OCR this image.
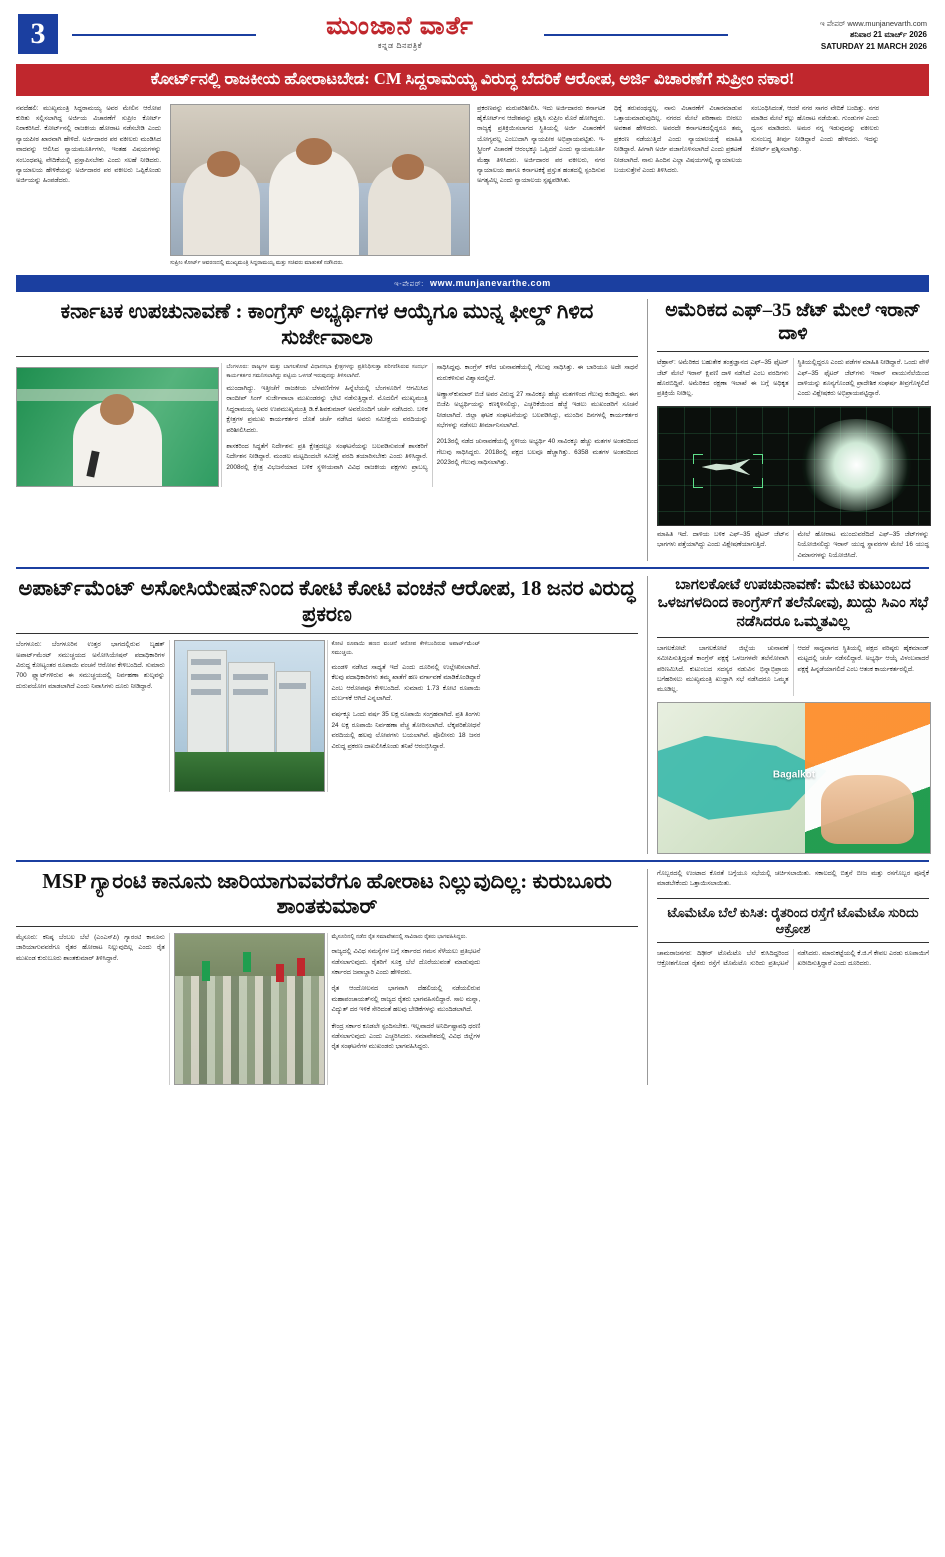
3	ಮುಂಜಾನೆ ವಾರ್ತೆ
ಕನ್ನಡ ದಿನಪತ್ರಿಕೆ
ಇ ಪೇಪರ್ www.munjanevarth.com
ಶನಿವಾರ 21 ಮಾರ್ಚ್ 2026
SATURDAY 21 MARCH 2026
ಕೋರ್ಟ್‌ನಲ್ಲಿ ರಾಜಕೀಯ ಹೋರಾಟಬೇಡ: CM ಸಿದ್ದರಾಮಯ್ಯ ವಿರುದ್ಧ ಬೆದರಿಕೆ ಆರೋಪ, ಅರ್ಜಿ ವಿಚಾರಣೆಗೆ ಸುಪ್ರೀಂ ನಕಾರ!
ನವದೆಹಲಿ: ಮುಖ್ಯಮಂತ್ರಿ ಸಿದ್ದರಾಮಯ್ಯ ಅವರ ಮೇಲಿನ ಆರೋಪ ಕುರಿತು ಸಲ್ಲಿಸಲಾಗಿದ್ದ ಅರ್ಜಿಯ ವಿಚಾರಣೆಗೆ ಸುಪ್ರೀಂ ಕೋರ್ಟ್ ನಿರಾಕರಿಸಿದೆ. ಕೋರ್ಟ್‌ನಲ್ಲಿ ರಾಜಕೀಯ ಹೋರಾಟ ನಡೆಸಬೇಡಿ ಎಂದು ನ್ಯಾಯಪೀಠ ಖಾರವಾಗಿ ಹೇಳಿದೆ. ಅರ್ಜಿದಾರರ ಪರ ವಕೀಲರು ಮಂಡಿಸಿದ ವಾದವನ್ನು ಆಲಿಸಿದ ನ್ಯಾಯಮೂರ್ತಿಗಳು, ಇಂತಹ ವಿಷಯಗಳನ್ನು ಸಂಬಂಧಪಟ್ಟ ವೇದಿಕೆಯಲ್ಲಿ ಪ್ರಸ್ತಾಪಿಸಬೇಕು ಎಂದು ಸಲಹೆ ನೀಡಿದರು. ನ್ಯಾಯಾಲಯ ಹೇಳಿಕೆಯನ್ನು ಅರ್ಜಿದಾರರ ಪರ ವಕೀಲರು ಒಪ್ಪಿಕೊಂಡು ಅರ್ಜಿಯನ್ನು ಹಿಂಪಡೆದರು.
ಸುಪ್ರೀಂ ಕೋರ್ಟ್ ಆವರಣದಲ್ಲಿ ಮುಖ್ಯಮಂತ್ರಿ ಸಿದ್ದರಾಮಯ್ಯ ಮತ್ತು ಸಚಿವರು ಮಾತುಕತೆ ನಡೆಸಿದರು.
ಪ್ರಕರಣವನ್ನು ಮರುಪರಿಶೀಲಿಸಿ. ಇದು ಅರ್ಜಿದಾರರು ಕರ್ನಾಟಕ ಹೈಕೋರ್ಟ್‌ನ ಆದೇಶವನ್ನು ಪ್ರಶ್ನಿಸಿ ಸುಪ್ರೀಂ ಮೊರೆ ಹೋಗಿದ್ದರು. ರಾಜ್ಯಕ್ಕೆ ಪ್ರತಿಕ್ರಿಯಿಸಲಾಗದ ಸ್ಥಿತಿಯಲ್ಲಿ ಅರ್ಜಿ ವಿಚಾರಣೆಗೆ ಯೋಗ್ಯವಲ್ಲ ಎಂಬುದಾಗಿ ನ್ಯಾಯಪೀಠ ಅಭಿಪ್ರಾಯಪಟ್ಟಿತು. ಇ-ಸ್ಟ್ರೀಂಗ್ ವಿಚಾರಣೆ ಆರಂಭಕ್ಕೂ ಒಪ್ಪಿದರೆ ಎಂದು ನ್ಯಾಯಮೂರ್ತಿ ಮೆಹ್ತಾ ತಿಳಿಸಿದರು. ಅರ್ಜಿದಾರರ ಪರ ವಕೀಲರು, ನಗರ ನ್ಯಾಯಾಲಯ ಹಾಗೂ ಕರ್ನಾಟಕಕ್ಕೆ ಪ್ರಸ್ತುತ ಹಂತದಲ್ಲಿ ಸ್ಪಂದಿಸುವ ಅಗತ್ಯವಿಲ್ಲ ಎಂದು ನ್ಯಾಯಾಲಯ ಸ್ಪಷ್ಟಪಡಿಸಿತು.
ಧಿಕ್ಕೆ ತರುವಂಥದ್ದಲ್ಲ. ನಾನು ವಿಚಾರಣೆಗೆ ವಿಚಾರಮಾಡುವ ಒತ್ತಾಯಮಾಡುವುದಿಲ್ಲ. ನಗರದ ಮೇಲೆ ಪರಿಣಾಮ ಬೀರಲು ಅವಕಾಶ ಹೇಳಿದರು. ಅವರದೇ ಕರ್ನಾಟಕದಲ್ಲಿದ್ದರೂ ತಮ್ಮ ಪ್ರಕರಣ ನಡೆಯುತ್ತಿದೆ ಎಂದು ನ್ಯಾಯಾಲಯಕ್ಕೆ ಮಾಹಿತಿ ನೀಡಿದ್ದಾರೆ. ಹೀಗಾಗಿ ಅರ್ಜಿ ವಜಾಗೊಳಿಸಲಾಗಿದೆ ಎಂದು ಪ್ರಕಟಣೆ ನೀಡಲಾಗಿದೆ. ನಾನು ಹಿಂದಿನ ಎಲ್ಲಾ ವಿಷಯಗಳಲ್ಲಿ ನ್ಯಾಯಾಲಯ ಬಯಸುತ್ತೇನೆ ಎಂದು ತಿಳಿಸಿದರು.
ಸಂಬಂಧಿಸಿದಂತೆ, ಆದರೆ ನಗರ ಸಾಗರ ವೇದಿಕೆ ಬಂದಿತ್ತು. ನಗರ ಮಾಡಿದ ಮೇಲೆ ಕಲ್ಲು ಹೊರಾಟ ನಡೆಯಿತು. ಗುಂಡುಗಳ ಎಂದು ಧ್ವಂಸ ಮಾಡಿದರು. ಅಮರ ನಗ್ನ ಇಡುವುದನ್ನು ವಕೀಲರು ಸುಸಂಬದ್ಧ ತೀರ್ಪು ನೀಡಿದ್ದಾರೆ ಎಂದು ಹೇಳಿದರು. ಇದನ್ನು ಕೋರ್ಟ್ ಪ್ರಶ್ನಿಸಲಾಗಿತ್ತು.
ಇ-ಪೇಪರ್: www.munjanevarthe.com
ಕರ್ನಾಟಕ ಉಪಚುನಾವಣೆ : ಕಾಂಗ್ರೆಸ್ ಅಭ್ಯರ್ಥಿಗಳ ಆಯ್ಕೆಗೂ ಮುನ್ನ ಫೀಲ್ಡ್ ಗಿಳಿದ ಸುರ್ಜೇವಾಲಾ
ಬೆಂಗಳೂರು: ರಾಜ್ಯಗಳ ಮತ್ತು ಬಾಗಲಕೋಟೆ ವಿಧಾನಸಭಾ ಕ್ಷೇತ್ರಗಳನ್ನು ಪ್ರತಿನಿಧಿಸುತ್ತಾ ಪರಿಗಣಿಸಿರುವ ಸಂದರ್ಭ ಕಾರ್ಯಕರ್ತರ ಗಮನಿಸಲಾಗಿದ್ದು ಪಟ್ಟಿಯ ಒಳಗಡೆ ಇರುವುದನ್ನು ತಿಳಿಸಲಾಗಿದೆ.
ಮುಂದಾಗಿದ್ದು. ಇತ್ತೀಚೆಗೆ ರಾಜಕೀಯ ಬೆಳವಣಿಗೆಗಳ ಹಿನ್ನೆಲೆಯಲ್ಲಿ ಬೆಂಗಳೂರಿಗೆ ಆಗಮಿಸಿದ ರಾಂದೀಪ್ ಸಿಂಗ್ ಸುರ್ಜೇವಾಲಾ ಮುಖಂಡರನ್ನು ಭೇಟಿ ನಡೆಸುತ್ತಿದ್ದಾರೆ. ಮೊದಲಿಗೆ ಮುಖ್ಯಮಂತ್ರಿ ಸಿದ್ದರಾಮಯ್ಯ ಅವರ ಉಪಮುಖ್ಯಮಂತ್ರಿ ಡಿ.ಕೆ.ಶಿವಕುಮಾರ್ ಅವರೊಂದಿಗೆ ಚರ್ಚೆ ನಡೆಸಿದರು. ಬಳಿಕ ಕ್ಷೇತ್ರಗಳ ಪ್ರಮುಖ ಕಾರ್ಯಕರ್ತರ ಜೊತೆ ಚರ್ಚೆ ನಡೆಸಿದ ಅವರು ಸಮೀಕ್ಷೆಯ ವರದಿಯನ್ನು ಪರಿಶೀಲಿಸಿದರು.
ಶಾಸಕರಿಂದ ಸಿದ್ಧತೆಗೆ ನಿರ್ದೇಶನ: ಪ್ರತಿ ಕ್ಷೇತ್ರದಲ್ಲೂ ಸಂಘಟನೆಯನ್ನು ಬಲಪಡಿಸುವಂತೆ ಶಾಸಕರಿಗೆ ನಿರ್ದೇಶನ ನೀಡಿದ್ದಾರೆ. ಮಂಡಲ ಮಟ್ಟದಿಂದಲೇ ಸಮೀಕ್ಷೆ ವರದಿ ತಯಾರಿಸಬೇಕು ಎಂದು ತಿಳಿಸಿದ್ದಾರೆ. 2008ರಲ್ಲಿ ಕ್ಷೇತ್ರ ವಿಭಜನೆಯಾದ ಬಳಿಕ ಸ್ಥಳೀಯವಾಗಿ ವಿವಿಧ ರಾಜಕೀಯ ಪಕ್ಷಗಳು ಪ್ರಾಬಲ್ಯ ಸಾಧಿಸಿದ್ದವು. ಕಾಂಗ್ರೆಸ್ ಕಳೆದ ಚುನಾವಣೆಯಲ್ಲಿ ಗೆಲುವು ಸಾಧಿಸಿತ್ತು. ಈ ಬಾರಿಯೂ ಅದೇ ಸಾಧನೆ ಮರುಕಳಿಸುವ ವಿಶ್ವಾಸದಲ್ಲಿದೆ.
ಅಣ್ಣಾಸ್‌ಕುಮಾರ್ ಬಿಜೆ ಅವರ ವಿರುದ್ಧ 27 ಸಾವಿರಕ್ಕೂ ಹೆಚ್ಚು ಮತಗಳಿಂದ ಗೆಲುವು ಕಂಡಿದ್ದರು. ಈಗ ಬಿಜೆಪಿ ಅಭ್ಯರ್ಥಿಯನ್ನು ಕಣಕ್ಕಿಳಿಸಲಿದ್ದು, ಎಚ್ಚರಿಕೆಯಿಂದ ಹೆಜ್ಜೆ ಇಡಲು ಮುಖಂಡರಿಗೆ ಸೂಚನೆ ನೀಡಲಾಗಿದೆ. ಜಿಲ್ಲಾ ಘಟಕ ಸಂಘಟನೆಯನ್ನು ಬಲಪಡಿಸಿದ್ದು, ಮುಂದಿನ ದಿನಗಳಲ್ಲಿ ಕಾರ್ಯಕರ್ತರ ಸಭೆಗಳನ್ನು ನಡೆಸಲು ತೀರ್ಮಾನಿಸಲಾಗಿದೆ.
2013ರಲ್ಲಿ ನಡೆದ ಚುನಾವಣೆಯಲ್ಲಿ ಸ್ಥಳೀಯ ಅಭ್ಯರ್ಥಿ 40 ಸಾವಿರಕ್ಕೂ ಹೆಚ್ಚು ಮತಗಳ ಅಂತರದಿಂದ ಗೆಲುವು ಸಾಧಿಸಿದ್ದರು. 2018ರಲ್ಲಿ ಪಕ್ಷದ ಬಲವೂ ಹೆಚ್ಚಾಗಿತ್ತು. 6358 ಮತಗಳ ಅಂತರದಿಂದ 2023ರಲ್ಲಿ ಗೆಲುವು ಸಾಧಿಸಲಾಗಿತ್ತು.
ಅಮೆರಿಕದ ಎಫ್–35 ಜೆಟ್ ಮೇಲೆ ಇರಾನ್ ದಾಳಿ
ಟೆಹ್ರಾನ್: ಅಮೆರಿಕದ ಬಹುತೇಕ ತಂತ್ರಜ್ಞಾನದ ಎಫ್–35 ಫೈಟರ್ ಜೆಟ್ ಮೇಲೆ ಇರಾನ್ ಕ್ಷಿಪಣಿ ದಾಳಿ ನಡೆಸಿದೆ ಎಂಬ ವರದಿಗಳು ಹೊರಬಿದ್ದಿವೆ. ಅಮೆರಿಕದ ರಕ್ಷಣಾ ಇಲಾಖೆ ಈ ಬಗ್ಗೆ ಅಧಿಕೃತ ಪ್ರತಿಕ್ರಿಯೆ ನೀಡಿಲ್ಲ.
ಸ್ಥಿತಿಯಲ್ಲಿದ್ದರೂ ಎಂದು ಪಡೆಗಳ ಮಾಹಿತಿ ನೀಡಿದ್ದಾರೆ. ಒಂದು ವೇಳೆ ಎಫ್–35 ಫೈಟರ್ ಜೆಟ್‌ಗಳು ಇರಾನ್ ವಾಯುನೆಲೆಯಿಂದ ದಾಳಿಯನ್ನು ಶೂನ್ಯಗೊಂಡಲ್ಲಿ ಪ್ರಾದೇಶಿಕ ಸಂಘರ್ಷ ತೀವ್ರಗೊಳ್ಳಲಿದೆ ಎಂದು ವಿಶ್ಲೇಷಕರು ಅಭಿಪ್ರಾಯಪಟ್ಟಿದ್ದಾರೆ.
ಮಾಹಿತಿ ಇದೆ. ದಾಳಿಯ ಬಳಿಕ ಎಫ್–35 ಫೈಟರ್ ಜೆಟ್‌ನ ಭಾಗಗಳು ಪತ್ತೆಯಾಗಿದ್ದು ಎಂದು ವಿಶ್ಲೇಷಣೆಯಾಗುತ್ತಿದೆ.
ಮೇಲೆ ಹೋರಾಟ ಮುಂದುವರೆದಿದೆ ಎಫ್–35 ಜೆಟ್‌ಗಳನ್ನು ನಿಯೋಜಿಸಲಿದ್ದು ಇರಾನ್ ಯುದ್ಧ ಸ್ಥಾವರಗಳ ಮೇಲೆ 16 ಯುದ್ಧ ವಿಮಾನಗಳನ್ನು ನಿಯೋಜಿಸಿದೆ.
ಅಪಾರ್ಟ್‌ಮೆಂಟ್ ಅಸೋಸಿಯೇಷನ್‌ನಿಂದ ಕೋಟಿ ಕೋಟಿ ವಂಚನೆ ಆರೋಪ, 18 ಜನರ ವಿರುದ್ಧ ಪ್ರಕರಣ
ಬೆಂಗಳೂರು: ಬೆಂಗಳೂರಿನ ಉತ್ತರ ಭಾಗದಲ್ಲಿರುವ ಬೃಹತ್ ಅಪಾರ್ಟ್‌ಮೆಂಟ್ ಸಮುಚ್ಚಯದ ಅಸೋಸಿಯೇಷನ್ ಪದಾಧಿಕಾರಿಗಳ ವಿರುದ್ಧ ಕೋಟ್ಯಂತರ ರೂಪಾಯಿ ವಂಚನೆ ಆರೋಪ ಕೇಳಿಬಂದಿದೆ. ಸುಮಾರು 700 ಫ್ಲ್ಯಾಟ್‌ಗಳಿರುವ ಈ ಸಮುಚ್ಚಯದಲ್ಲಿ ನಿರ್ವಹಣಾ ಶುಲ್ಕವನ್ನು ದುರುಪಯೋಗ ಮಾಡಲಾಗಿದೆ ಎಂದು ನಿವಾಸಿಗಳು ದೂರು ನೀಡಿದ್ದಾರೆ.
ಕೋಟಿ ರೂಪಾಯಿ ಹಣದ ವಂಚನೆ ಆರೋಪ ಕೇಳಿಬಂದಿರುವ ಅಪಾರ್ಟ್‌ಮೆಂಟ್ ಸಮುಚ್ಚಯ.
ಮಂಡಳಿ ನಡೆಸಿದ ಸಾಧ್ಯತೆ ಇದೆ ಎಂದು ದೂರಿನಲ್ಲಿ ಉಲ್ಲೇಖಿಸಲಾಗಿದೆ. ಕೆಲವು ಪದಾಧಿಕಾರಿಗಳು ತಮ್ಮ ಖಾತೆಗೆ ಹಣ ವರ್ಗಾವಣೆ ಮಾಡಿಕೊಂಡಿದ್ದಾರೆ ಎಂಬ ಆರೋಪವೂ ಕೇಳಿಬಂದಿದೆ. ಸುಮಾರು 1.73 ಕೋಟಿ ರೂಪಾಯಿ ದುರ್ಬಳಕೆ ಆಗಿದೆ ಎನ್ನಲಾಗಿದೆ.
ವರ್ಷಕ್ಕೂ ಒಂದು ವರ್ಷ 35 ಲಕ್ಷ ರೂಪಾಯಿ ಸಂಗ್ರಹವಾಗಿದೆ. ಪ್ರತಿ ತಿಂಗಳು 24 ಲಕ್ಷ ರೂಪಾಯಿ ನಿರ್ವಹಣಾ ವೆಚ್ಚ ತೋರಿಸಲಾಗಿದೆ. ಲೆಕ್ಕಪರಿಶೋಧನೆ ವರದಿಯಲ್ಲಿ ಹಲವು ಲೋಪಗಳು ಬಯಲಾಗಿವೆ. ಪೊಲೀಸರು 18 ಜನರ ವಿರುದ್ಧ ಪ್ರಕರಣ ದಾಖಲಿಸಿಕೊಂಡು ತನಿಖೆ ಆರಂಭಿಸಿದ್ದಾರೆ.
ಬಾಗಲಕೋಟೆ ಉಪಚುನಾವಣೆ: ಮೇಟಿ ಕುಟುಂಬದ ಒಳಜಗಳದಿಂದ ಕಾಂಗ್ರೆಸ್‌ಗೆ ತಲೆನೋವು, ಖುದ್ದು ಸಿಎಂ ಸಭೆ ನಡೆಸಿದರೂ ಒಮ್ಮತವಿಲ್ಲ
ಬಾಗಲಕೋಟೆ: ಬಾಗಲಕೋಟೆ ಜಿಲ್ಲೆಯ ಚುನಾವಣೆ ಸಮೀಪಿಸುತ್ತಿದ್ದಂತೆ ಕಾಂಗ್ರೆಸ್ ಪಕ್ಷಕ್ಕೆ ಒಳಜಗಳವೇ ತಲೆನೋವಾಗಿ ಪರಿಣಮಿಸಿದೆ. ಕುಟುಂಬದ ಸದಸ್ಯರ ನಡುವಿನ ಭಿನ್ನಾಭಿಪ್ರಾಯ ಬಗೆಹರಿಸಲು ಮುಖ್ಯಮಂತ್ರಿ ಖುದ್ದಾಗಿ ಸಭೆ ನಡೆಸಿದರೂ ಒಮ್ಮತ ಮೂಡಿಲ್ಲ.
ಆದರೆ ಸಾಧ್ಯವಾಗದ ಸ್ಥಿತಿಯಲ್ಲಿ ಪಕ್ಷದ ವರಿಷ್ಠರು ಹೈಕಮಾಂಡ್ ಮಟ್ಟದಲ್ಲಿ ಚರ್ಚೆ ನಡೆಸಲಿದ್ದಾರೆ. ಅಭ್ಯರ್ಥಿ ಆಯ್ಕೆ ವಿಳಂಬವಾದರೆ ಪಕ್ಷಕ್ಕೆ ಹಿನ್ನಡೆಯಾಗಲಿದೆ ಎಂಬ ಆತಂಕ ಕಾರ್ಯಕರ್ತರಲ್ಲಿದೆ.
Bagalkot
MSP ಗ್ಯಾರಂಟಿ ಕಾನೂನು ಜಾರಿಯಾಗುವವರೆಗೂ ಹೋರಾಟ ನಿಲ್ಲುವುದಿಲ್ಲ: ಕುರುಬೂರು ಶಾಂತಕುಮಾರ್
ಮೈಸೂರು: ಕನಿಷ್ಠ ಬೆಂಬಲ ಬೆಲೆ (ಎಂಎಸ್‌ಪಿ) ಗ್ಯಾರಂಟಿ ಕಾನೂನು ಜಾರಿಯಾಗುವವರೆಗೂ ರೈತರ ಹೋರಾಟ ನಿಲ್ಲುವುದಿಲ್ಲ ಎಂದು ರೈತ ಮುಖಂಡ ಕುರುಬೂರು ಶಾಂತಕುಮಾರ್ ತಿಳಿಸಿದ್ದಾರೆ.
ಮೈಸೂರಿನಲ್ಲಿ ನಡೆದ ರೈತ ಸಮಾವೇಶದಲ್ಲಿ ಸಾವಿರಾರು ರೈತರು ಭಾಗವಹಿಸಿದ್ದರು.
ರಾಜ್ಯದಲ್ಲಿ ವಿವಿಧ ಸಮಸ್ಯೆಗಳ ಬಗ್ಗೆ ಸರ್ಕಾರದ ಗಮನ ಸೆಳೆಯಲು ಪ್ರತಿಭಟನೆ ನಡೆಸಲಾಗುವುದು. ರೈತರಿಗೆ ಸೂಕ್ತ ಬೆಲೆ ದೊರೆಯುವಂತೆ ಮಾಡುವುದು ಸರ್ಕಾರದ ಜವಾಬ್ದಾರಿ ಎಂದು ಹೇಳಿದರು.
ರೈತ ಆಂದೋಲನದ ಭಾಗವಾಗಿ ದೆಹಲಿಯಲ್ಲಿ ನಡೆಯಲಿರುವ ಮಹಾಪಂಚಾಯತ್‌ನಲ್ಲಿ ರಾಜ್ಯದ ರೈತರು ಭಾಗವಹಿಸಲಿದ್ದಾರೆ. ಸಾಲ ಮನ್ನಾ, ವಿದ್ಯುತ್ ದರ ಇಳಿಕೆ ಸೇರಿದಂತೆ ಹಲವು ಬೇಡಿಕೆಗಳನ್ನು ಮುಂದಿಡಲಾಗಿದೆ.
ಕೇಂದ್ರ ಸರ್ಕಾರ ಕೂಡಲೇ ಸ್ಪಂದಿಸಬೇಕು. ಇಲ್ಲವಾದರೆ ಅನಿರ್ದಿಷ್ಟಾವಧಿ ಧರಣಿ ನಡೆಸಲಾಗುವುದು ಎಂದು ಎಚ್ಚರಿಸಿದರು. ಸಮಾವೇಶದಲ್ಲಿ ವಿವಿಧ ಜಿಲ್ಲೆಗಳ ರೈತ ಸಂಘಟನೆಗಳ ಮುಖಂಡರು ಭಾಗವಹಿಸಿದ್ದರು.
ಗೊಬ್ಬರದಲ್ಲಿ ಉಂಟಾದ ಕೊರತೆ ಬಗ್ಗೆಯೂ ಸಭೆಯಲ್ಲಿ ಚರ್ಚಿಸಲಾಯಿತು. ಸಕಾಲದಲ್ಲಿ ಬಿತ್ತನೆ ಬೀಜ ಮತ್ತು ರಸಗೊಬ್ಬರ ಪೂರೈಕೆ ಮಾಡಬೇಕೆಂದು ಒತ್ತಾಯಿಸಲಾಯಿತು.
ಟೊಮೆಟೊ ಬೆಲೆ ಕುಸಿತ: ರೈತರಿಂದ ರಸ್ತೆಗೆ ಟೊಮೆಟೊ ಸುರಿದು ಆಕ್ರೋಶ
ಚಾಮರಾಜನಗರ: ದಿಢೀರ್ ಟೊಮೆಟೊ ಬೆಲೆ ಕುಸಿದಿದ್ದರಿಂದ ಆಕ್ರೋಶಗೊಂಡ ರೈತರು ರಸ್ತೆಗೆ ಟೊಮೆಟೊ ಸುರಿದು ಪ್ರತಿಭಟನೆ ನಡೆಸಿದರು. ಮಾರುಕಟ್ಟೆಯಲ್ಲಿ ಕೆ.ಜಿ.ಗೆ ಕೇವಲ ಎರಡು ರೂಪಾಯಿಗೆ ಖರೀದಿಸುತ್ತಿದ್ದಾರೆ ಎಂದು ದೂರಿದರು.
